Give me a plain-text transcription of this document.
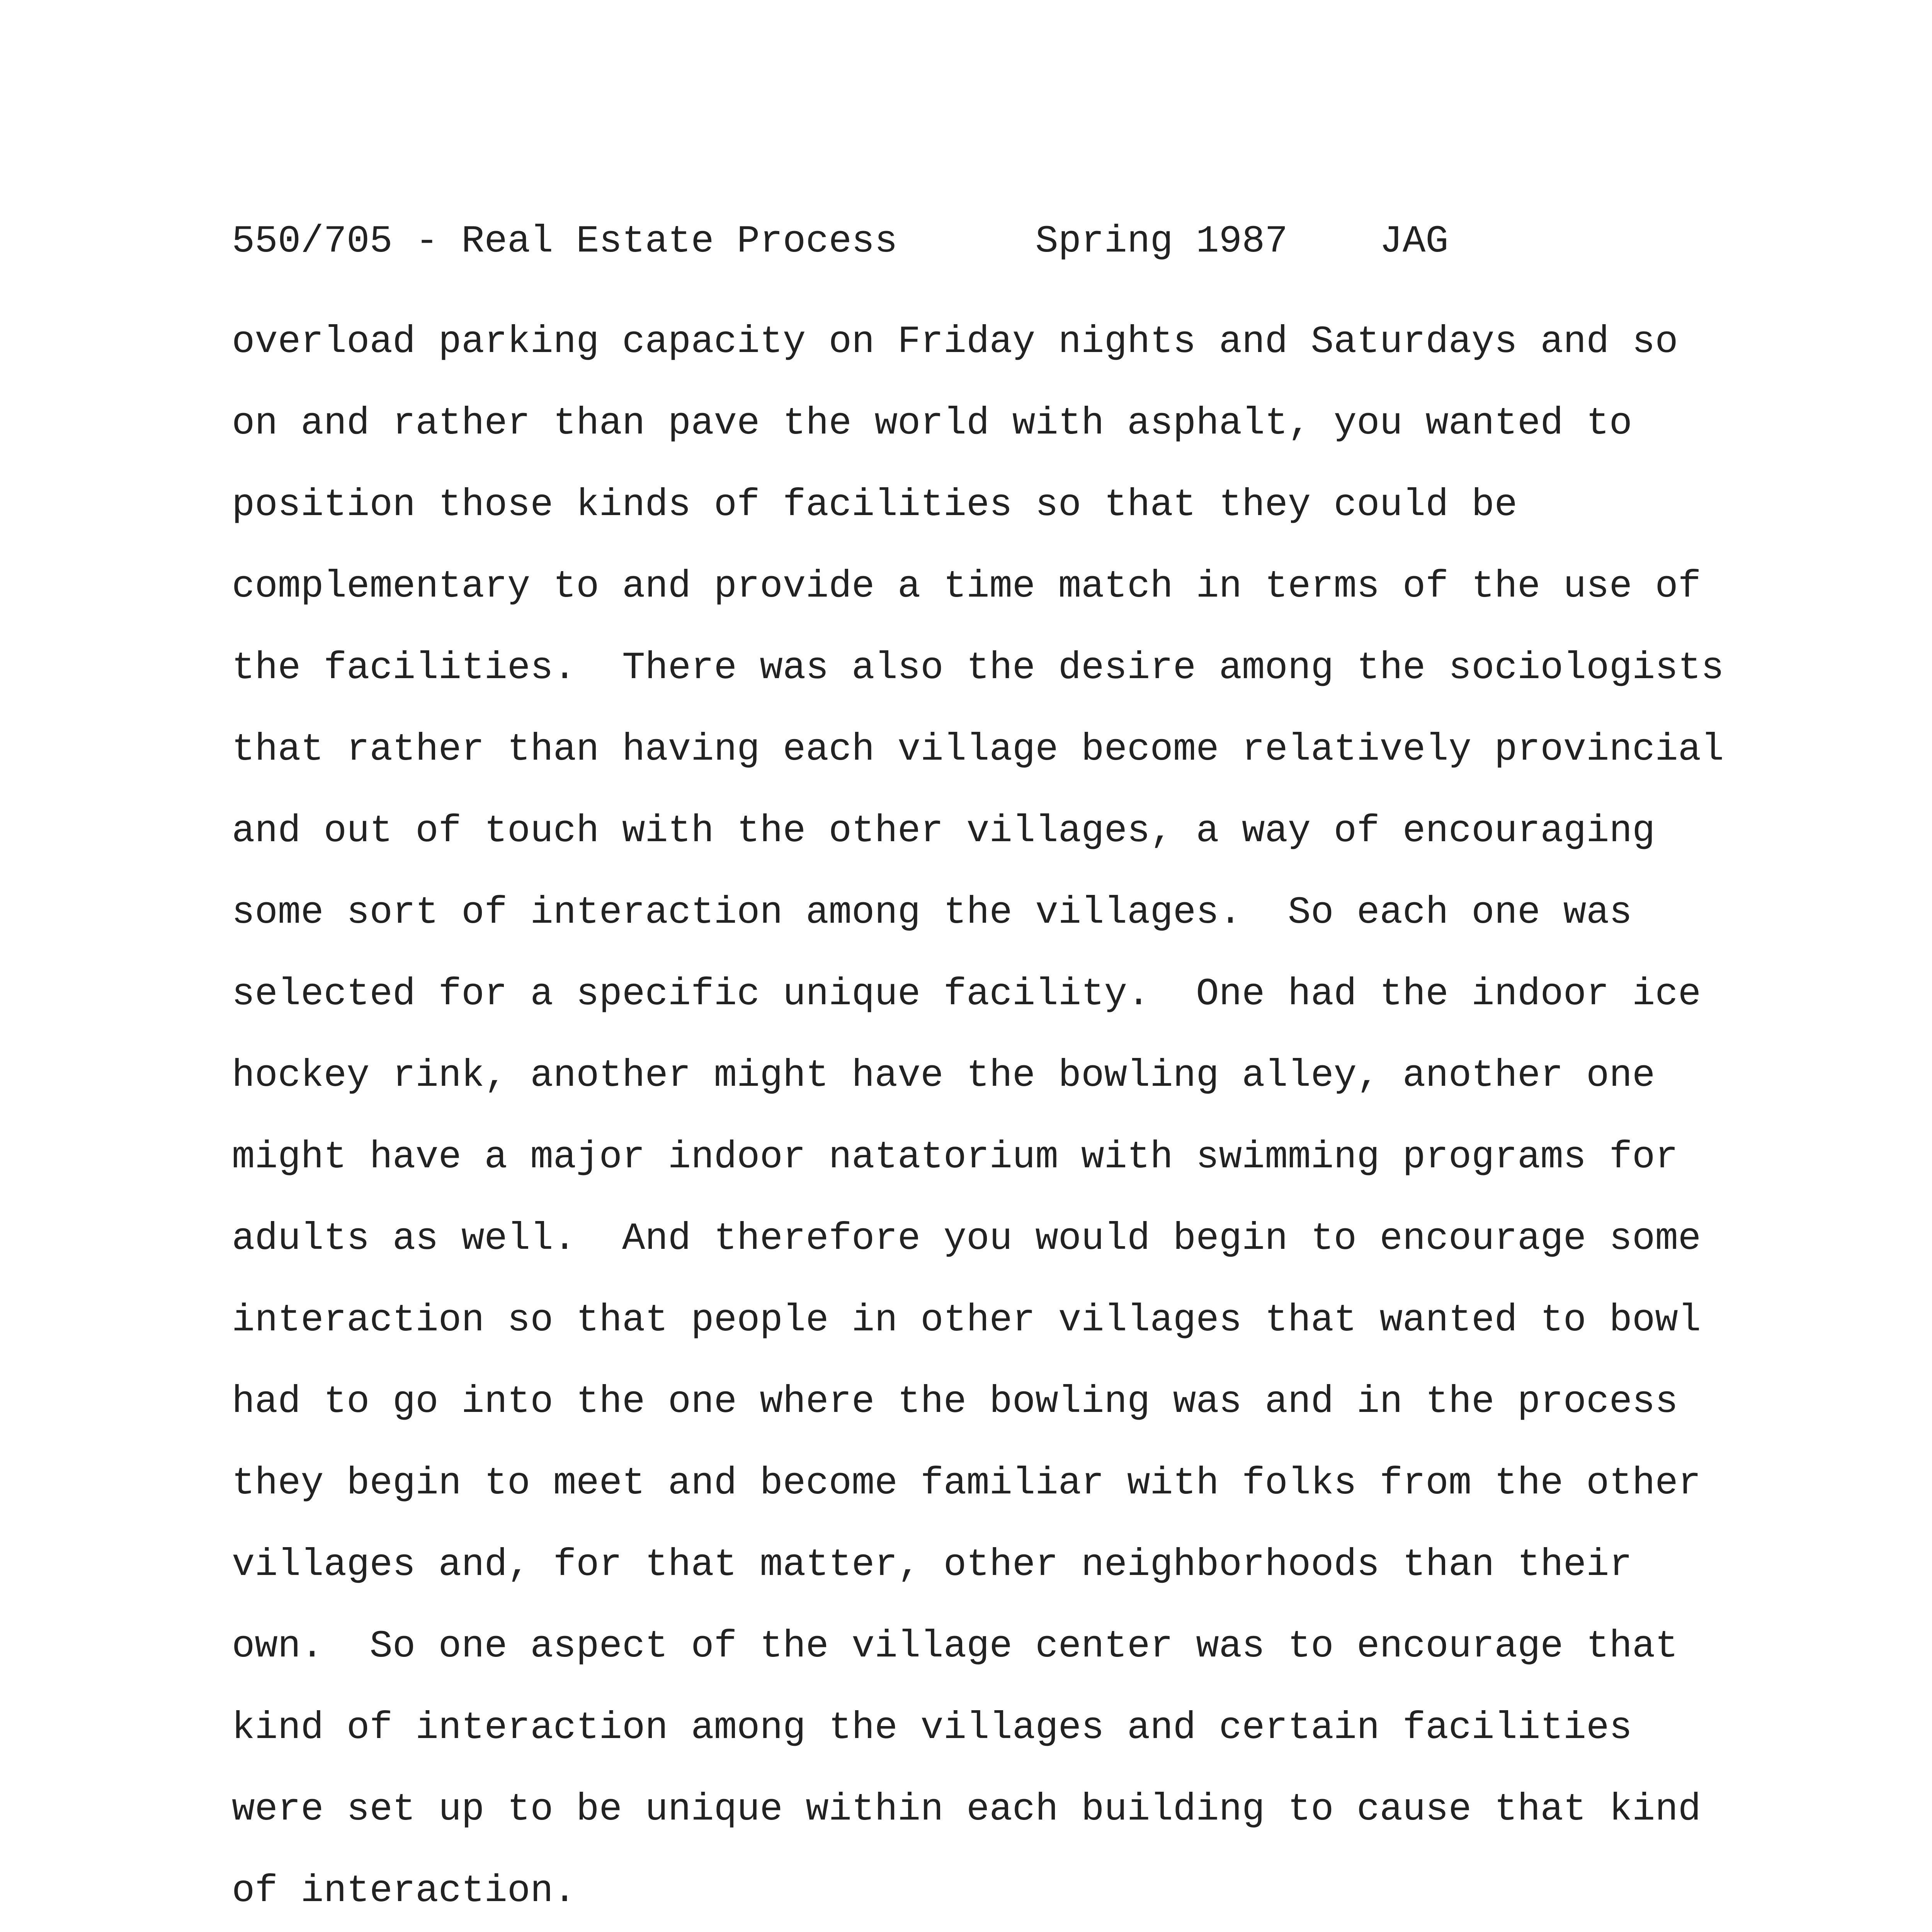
550/705 - Real Estate Process      Spring 1987    JAG
overload parking capacity on Friday nights and Saturdays and so
on and rather than pave the world with asphalt, you wanted to
position those kinds of facilities so that they could be
complementary to and provide a time match in terms of the use of
the facilities.  There was also the desire among the sociologists
that rather than having each village become relatively provincial
and out of touch with the other villages, a way of encouraging
some sort of interaction among the villages.  So each one was
selected for a specific unique facility.  One had the indoor ice
hockey rink, another might have the bowling alley, another one
might have a major indoor natatorium with swimming programs for
adults as well.  And therefore you would begin to encourage some
interaction so that people in other villages that wanted to bowl
had to go into the one where the bowling was and in the process
they begin to meet and become familiar with folks from the other
villages and, for that matter, other neighborhoods than their
own.  So one aspect of the village center was to encourage that
kind of interaction among the villages and certain facilities
were set up to be unique within each building to cause that kind
of interaction.
